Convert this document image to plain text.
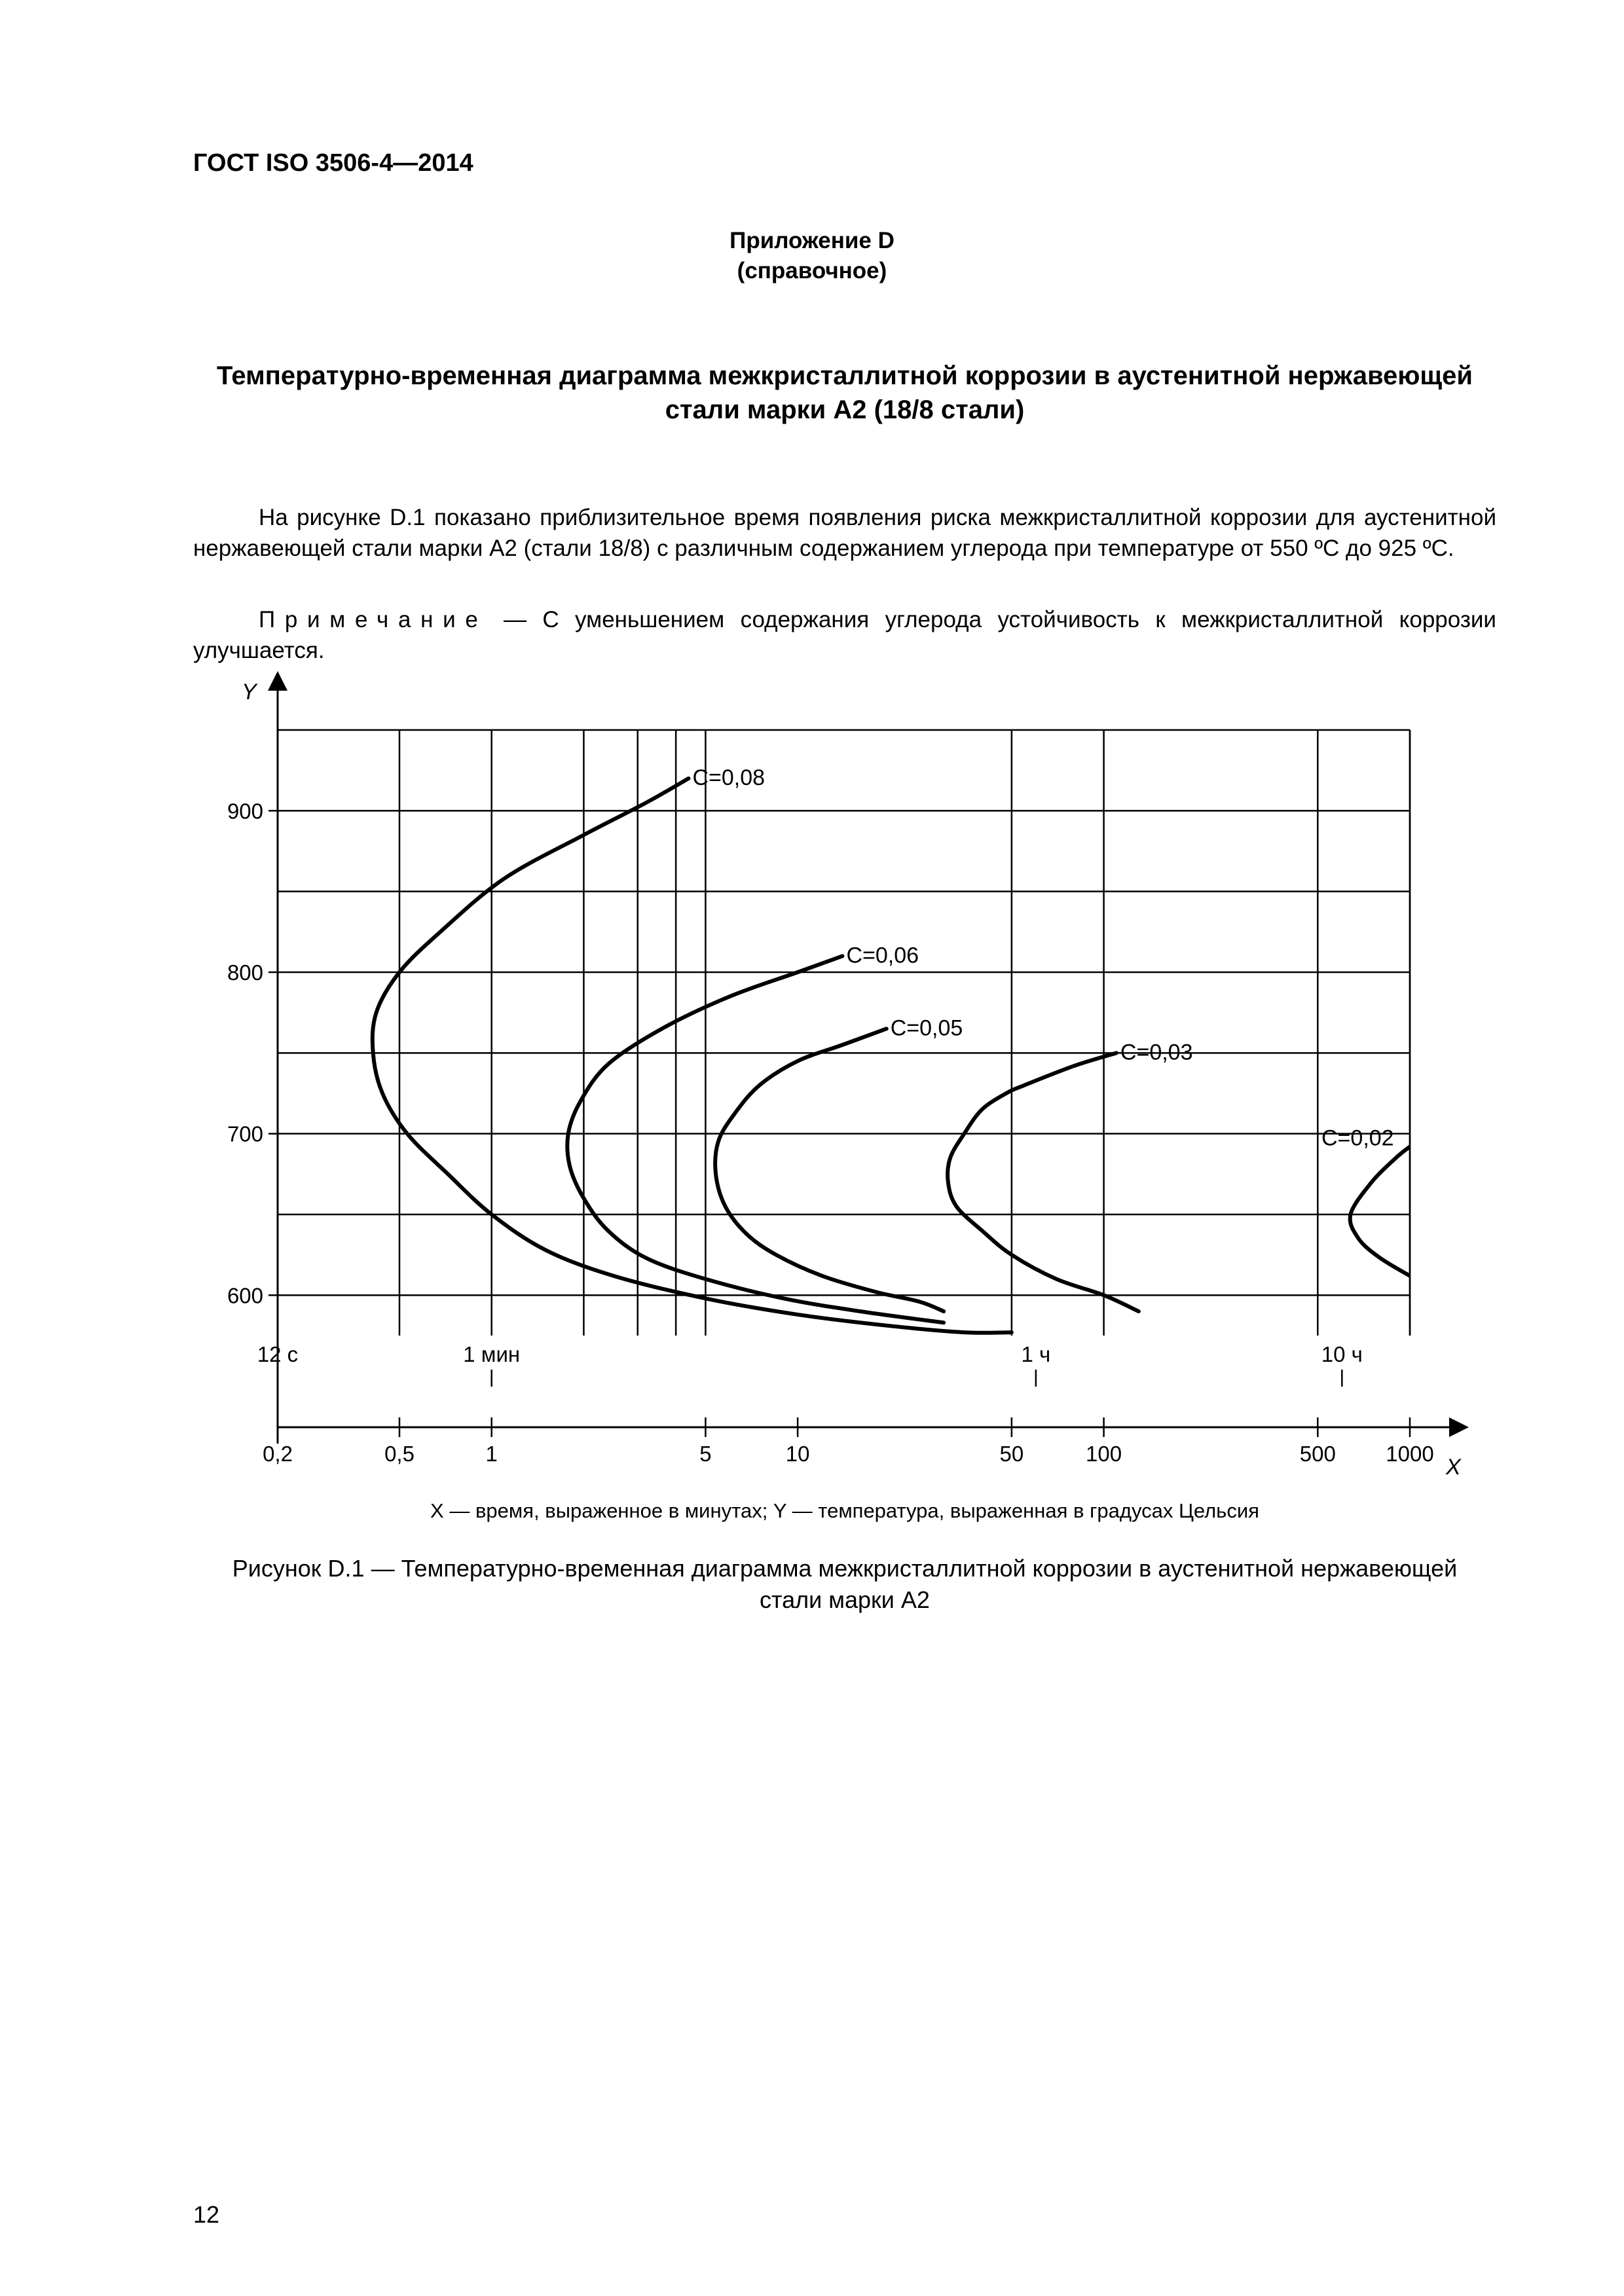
ГОСТ ISO 3506-4—2014
Приложение D
(справочное)
Температурно-временная диаграмма межкристаллитной коррозии в аустенитной нержавеющей
стали марки A2 (18/8 стали)
На рисунке D.1 показано приблизительное время появления риска межкристаллитной коррозии для аустенитной нержавеющей стали марки A2 (стали 18/8) с различным содержанием углерода при температуре от 550 ºC до 925 ºC.
Примечание — С уменьшением содержания углерода устойчивость к межкристаллитной коррозии улучшается.
Y
X
600
700
800
900
0,2	0,5	1	5	10	50	100	500 1000
12 с	1 мин	1 ч	10 ч
C=0,08
C=0,06
C=0,05
C=0,03
C=0,02
X — время, выраженное в минутах; Y — температура, выраженная в градусах Цельсия
Рисунок D.1 — Температурно-временная диаграмма межкристаллитной коррозии в аустенитной нержавеющей
стали марки A2
12
